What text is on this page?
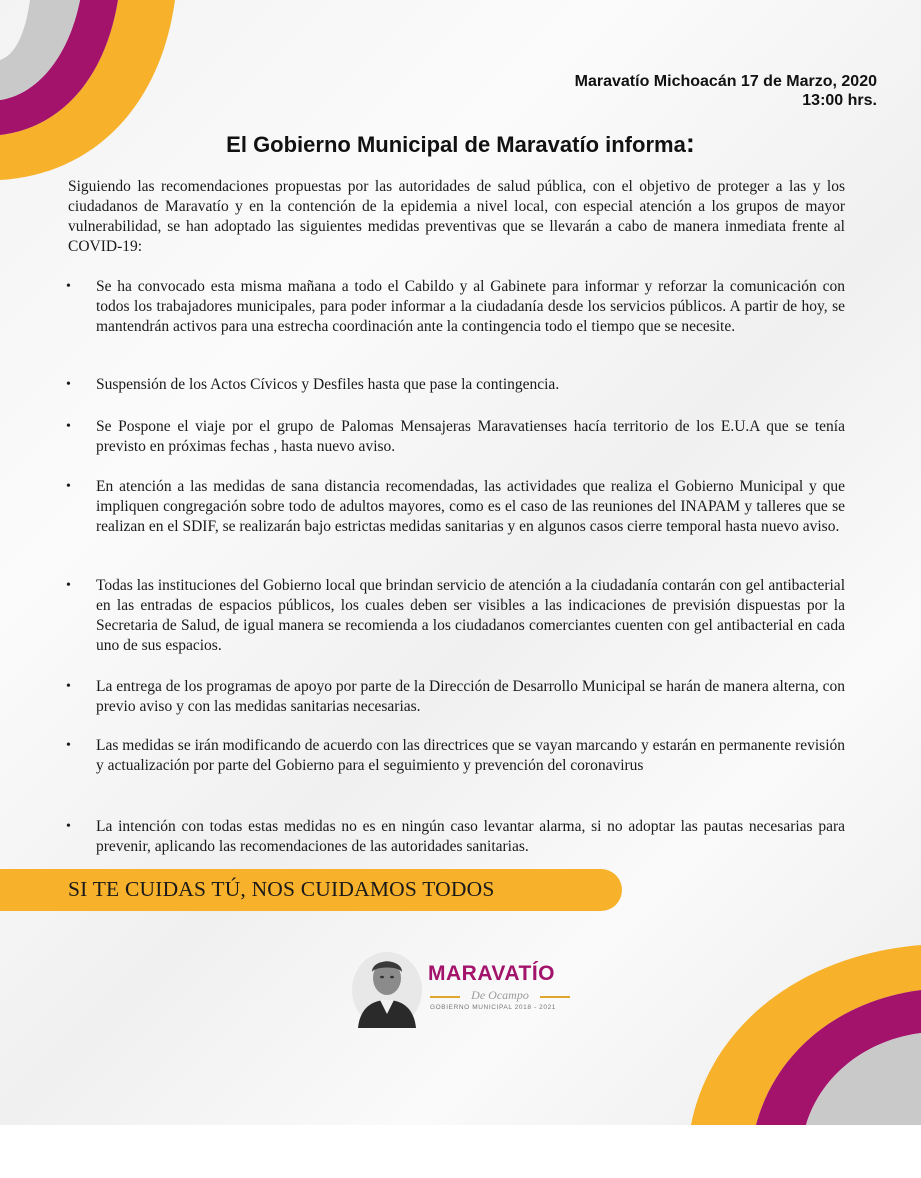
Maravatío Michoacán 17 de Marzo, 2020
13:00 hrs.
El Gobierno Municipal de Maravatío informa:

Siguiendo las recomendaciones propuestas por las autoridades de salud pública, con el objetivo de proteger a las y los ciudadanos de Maravatío y en la contención de la epidemia a nivel local, con especial atención a los grupos de mayor vulnerabilidad, se han adoptado las siguientes medidas preventivas que se llevarán a cabo de manera inmediata frente al COVID-19:

• Se ha convocado esta misma mañana a todo el Cabildo y al Gabinete para informar y reforzar la comunicación con todos los trabajadores municipales, para poder informar a la ciudadanía desde los servicios públicos. A partir de hoy, se mantendrán activos para una estrecha coordinación ante la contingencia todo el tiempo que se necesite.
• Suspensión de los Actos Cívicos y Desfiles hasta que pase la contingencia.
• Se Pospone el viaje por el grupo de Palomas Mensajeras Maravatienses hacía territorio de los E.U.A que se tenía previsto en próximas fechas , hasta nuevo aviso.
• En atención a las medidas de sana distancia recomendadas, las actividades que realiza el Gobierno Municipal y que impliquen congregación sobre todo de adultos mayores, como es el caso de las reuniones del INAPAM y talleres que se realizan en el SDIF, se realizarán bajo estrictas medidas sanitarias y en algunos casos cierre temporal hasta nuevo aviso.
• Todas las instituciones del Gobierno local que brindan servicio de atención a la ciudadanía contarán con gel antibacterial en las entradas de espacios públicos, los cuales deben ser visibles a las indicaciones de previsión dispuestas por la Secretaria de Salud, de igual manera se recomienda a los ciudadanos comerciantes cuenten con gel antibacterial en cada uno de sus espacios.
• La entrega de los programas de apoyo por parte de la Dirección de Desarrollo Municipal se harán de manera alterna, con previo aviso y con las medidas sanitarias necesarias.
• Las medidas se irán modificando de acuerdo con las directrices que se vayan marcando y estarán en permanente revisión y actualización por parte del Gobierno para el seguimiento y prevención del coronavirus
• La intención con todas estas medidas no es en ningún caso levantar alarma, si no adoptar las pautas necesarias para prevenir, aplicando las recomendaciones de las autoridades sanitarias.
SI TE CUIDAS TÚ, NOS CUIDAMOS TODOS
MARAVATÍO
De Ocampo
GOBIERNO MUNICIPAL 2018 - 2021
